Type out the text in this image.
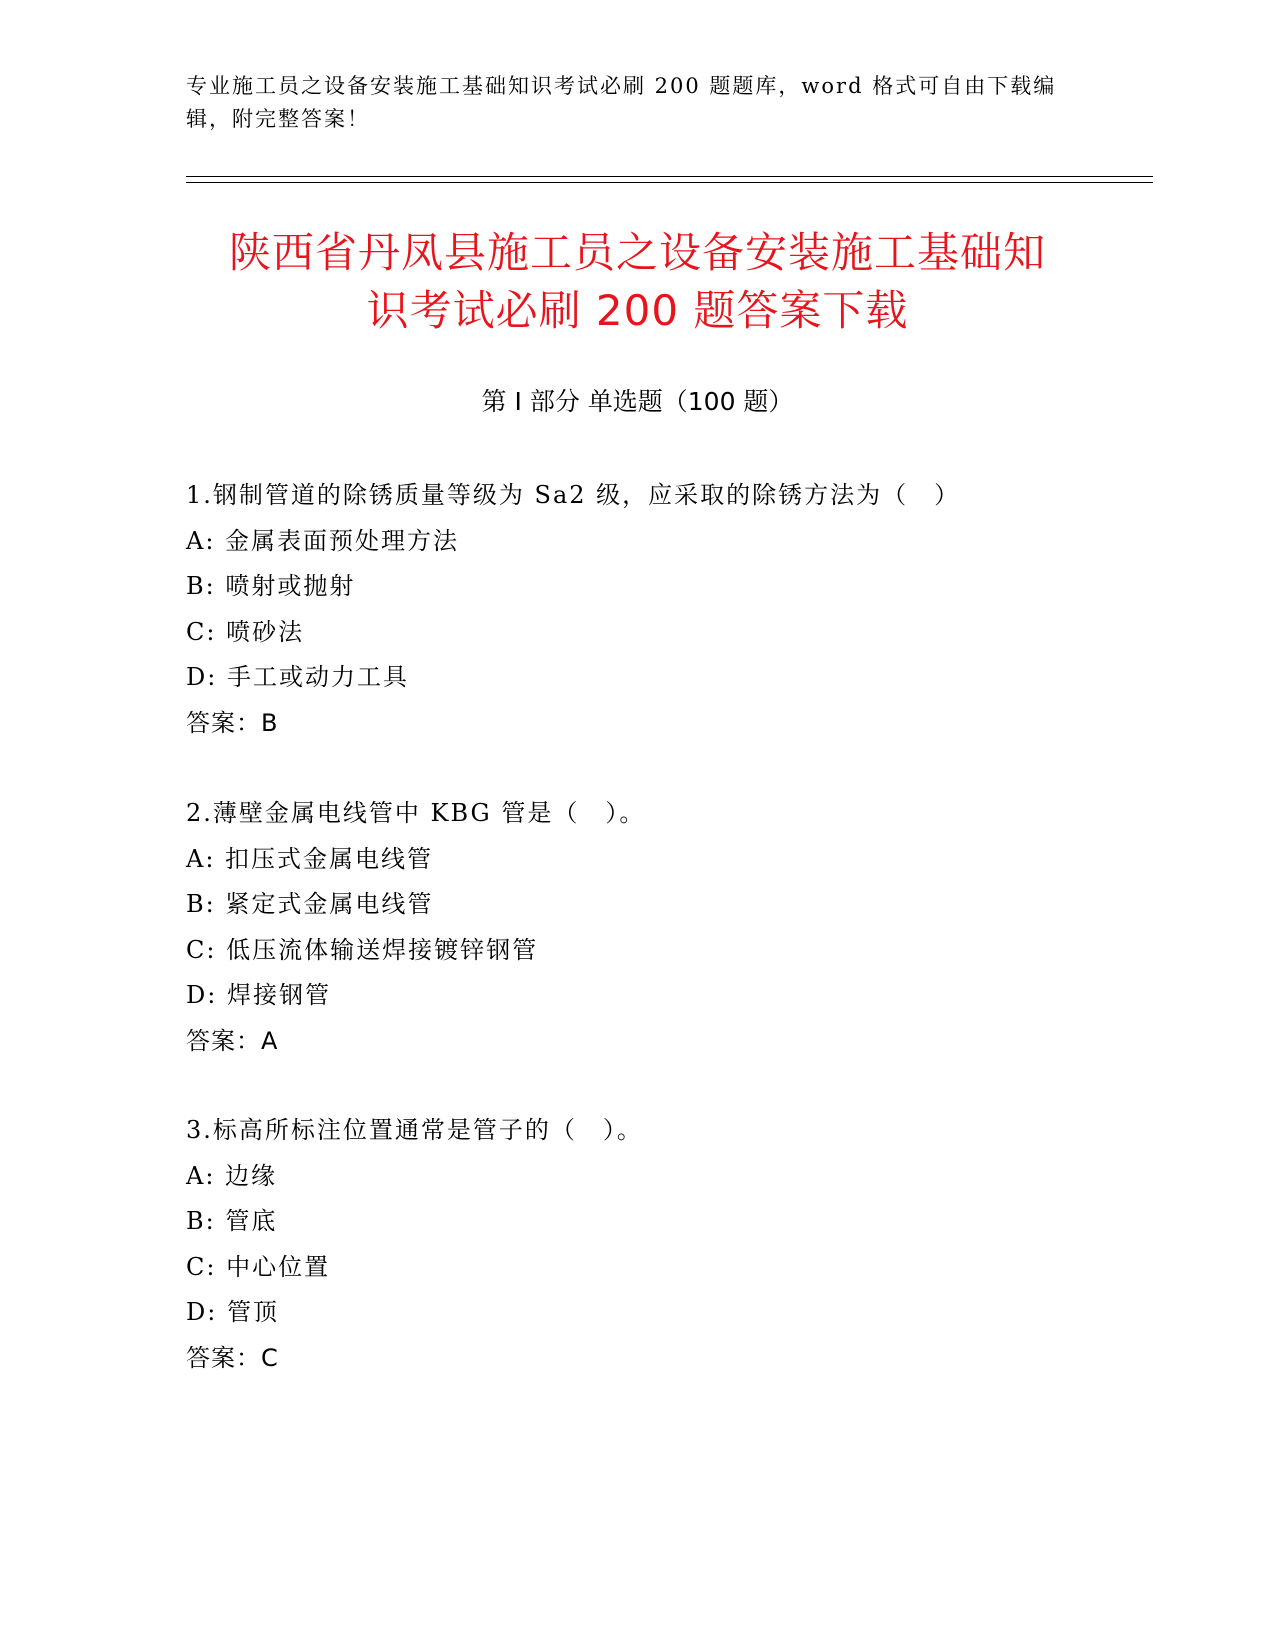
专业施工员之设备安装施工基础知识考试必刷 200 题题库，word 格式可自由下载编辑，附完整答案！
陕西省丹凤县施工员之设备安装施工基础知
识考试必刷 200 题答案下载
第 I 部分 单选题（100 题）
1.钢制管道的除锈质量等级为 Sa2 级，应采取的除锈方法为（　）
A: 金属表面预处理方法
B: 喷射或抛射
C: 喷砂法
D: 手工或动力工具
答案：B
2.薄壁金属电线管中 KBG 管是（　）。
A: 扣压式金属电线管
B: 紧定式金属电线管
C: 低压流体输送焊接镀锌钢管
D: 焊接钢管
答案：A
3.标高所标注位置通常是管子的（　）。
A: 边缘
B: 管底
C: 中心位置
D: 管顶
答案：C
